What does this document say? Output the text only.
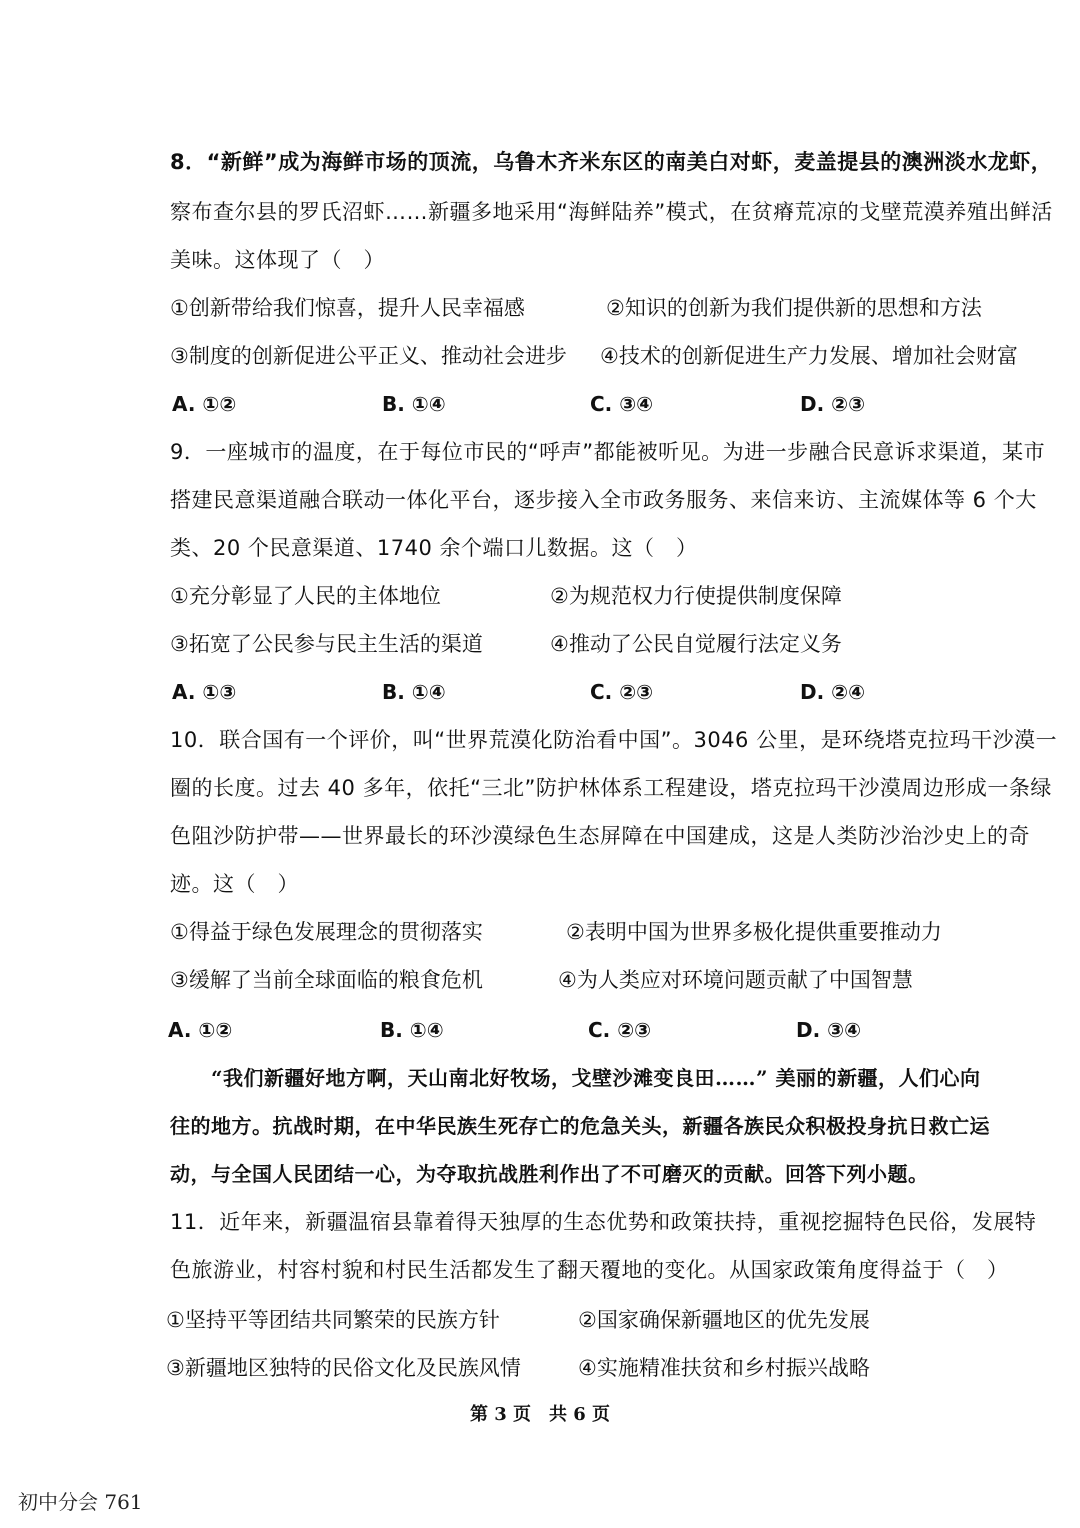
8．“新鲜”成为海鲜市场的顶流，乌鲁木齐米东区的南美白对虾，麦盖提县的澳洲淡水龙虾，
察布查尔县的罗氏沼虾……新疆多地采用“海鲜陆养”模式，在贫瘠荒凉的戈壁荒漠养殖出鲜活
美味。这体现了（　）
①创新带给我们惊喜，提升人民幸福感	②知识的创新为我们提供新的思想和方法
③制度的创新促进公平正义、推动社会进步 ④技术的创新促进生产力发展、增加社会财富
A. ①②	B. ①④	C. ③④	D. ②③
9．一座城市的温度，在于每位市民的“呼声”都能被听见。为进一步融合民意诉求渠道，某市
搭建民意渠道融合联动一体化平台，逐步接入全市政务服务、来信来访、主流媒体等 6 个大
类、20 个民意渠道、1740 余个端口儿数据。这（　）
①充分彰显了人民的主体地位	②为规范权力行使提供制度保障
③拓宽了公民参与民主生活的渠道	④推动了公民自觉履行法定义务
A. ①③	B. ①④	C. ②③	D. ②④
10．联合国有一个评价，叫“世界荒漠化防治看中国”。3046 公里，是环绕塔克拉玛干沙漠一
圈的长度。过去 40 多年，依托“三北”防护林体系工程建设，塔克拉玛干沙漠周边形成一条绿
色阻沙防护带——世界最长的环沙漠绿色生态屏障在中国建成，这是人类防沙治沙史上的奇
迹。这（　）
①得益于绿色发展理念的贯彻落实	②表明中国为世界多极化提供重要推动力
③缓解了当前全球面临的粮食危机	④为人类应对环境问题贡献了中国智慧
A. ①②	B. ①④	C. ②③	D. ③④
　　“我们新疆好地方啊，天山南北好牧场，戈壁沙滩变良田……” 美丽的新疆，人们心向
往的地方。抗战时期，在中华民族生死存亡的危急关头，新疆各族民众积极投身抗日救亡运
动，与全国人民团结一心，为夺取抗战胜利作出了不可磨灭的贡献。回答下列小题。
11．近年来，新疆温宿县靠着得天独厚的生态优势和政策扶持，重视挖掘特色民俗，发展特
色旅游业，村容村貌和村民生活都发生了翻天覆地的变化。从国家政策角度得益于（　）
①坚持平等团结共同繁荣的民族方针	②国家确保新疆地区的优先发展
③新疆地区独特的民俗文化及民族风情	④实施精准扶贫和乡村振兴战略
第 3 页　共 6 页
初中分会 761
